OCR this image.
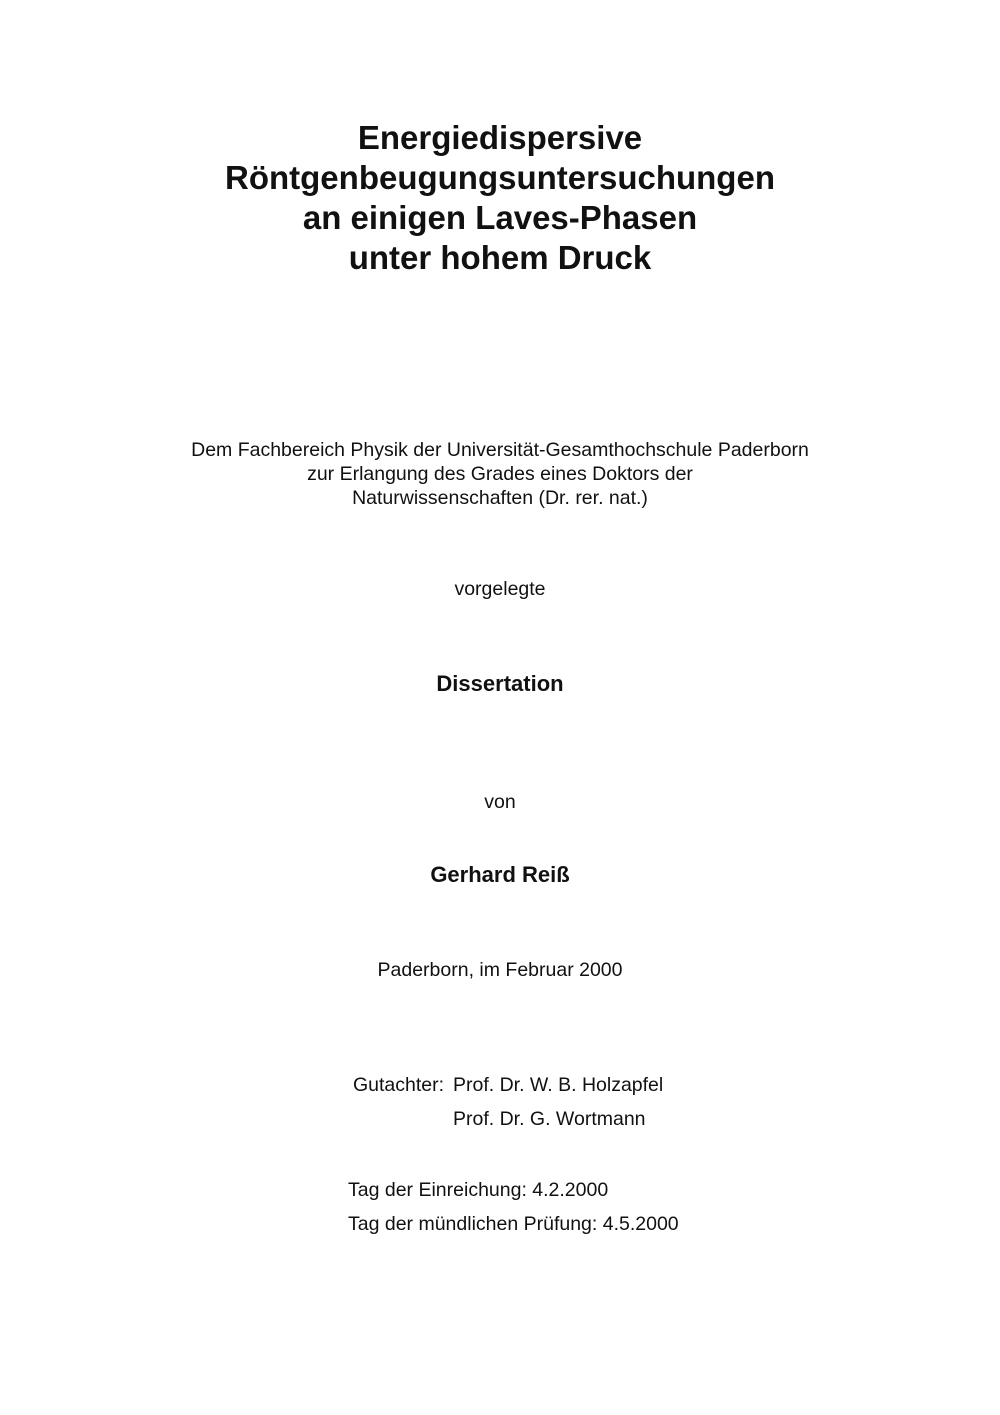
Energiedispersive
Röntgenbeugungsuntersuchungen
an einigen Laves-Phasen
unter hohem Druck
Dem Fachbereich Physik der Universität-Gesamthochschule Paderborn
zur Erlangung des Grades eines Doktors der
Naturwissenschaften (Dr. rer. nat.)
vorgelegte
Dissertation
von
Gerhard Reiß
Paderborn, im Februar 2000
Gutachter: Prof. Dr. W. B. Holzapfel
Prof. Dr. G. Wortmann
Tag der Einreichung: 4.2.2000
Tag der mündlichen Prüfung: 4.5.2000
